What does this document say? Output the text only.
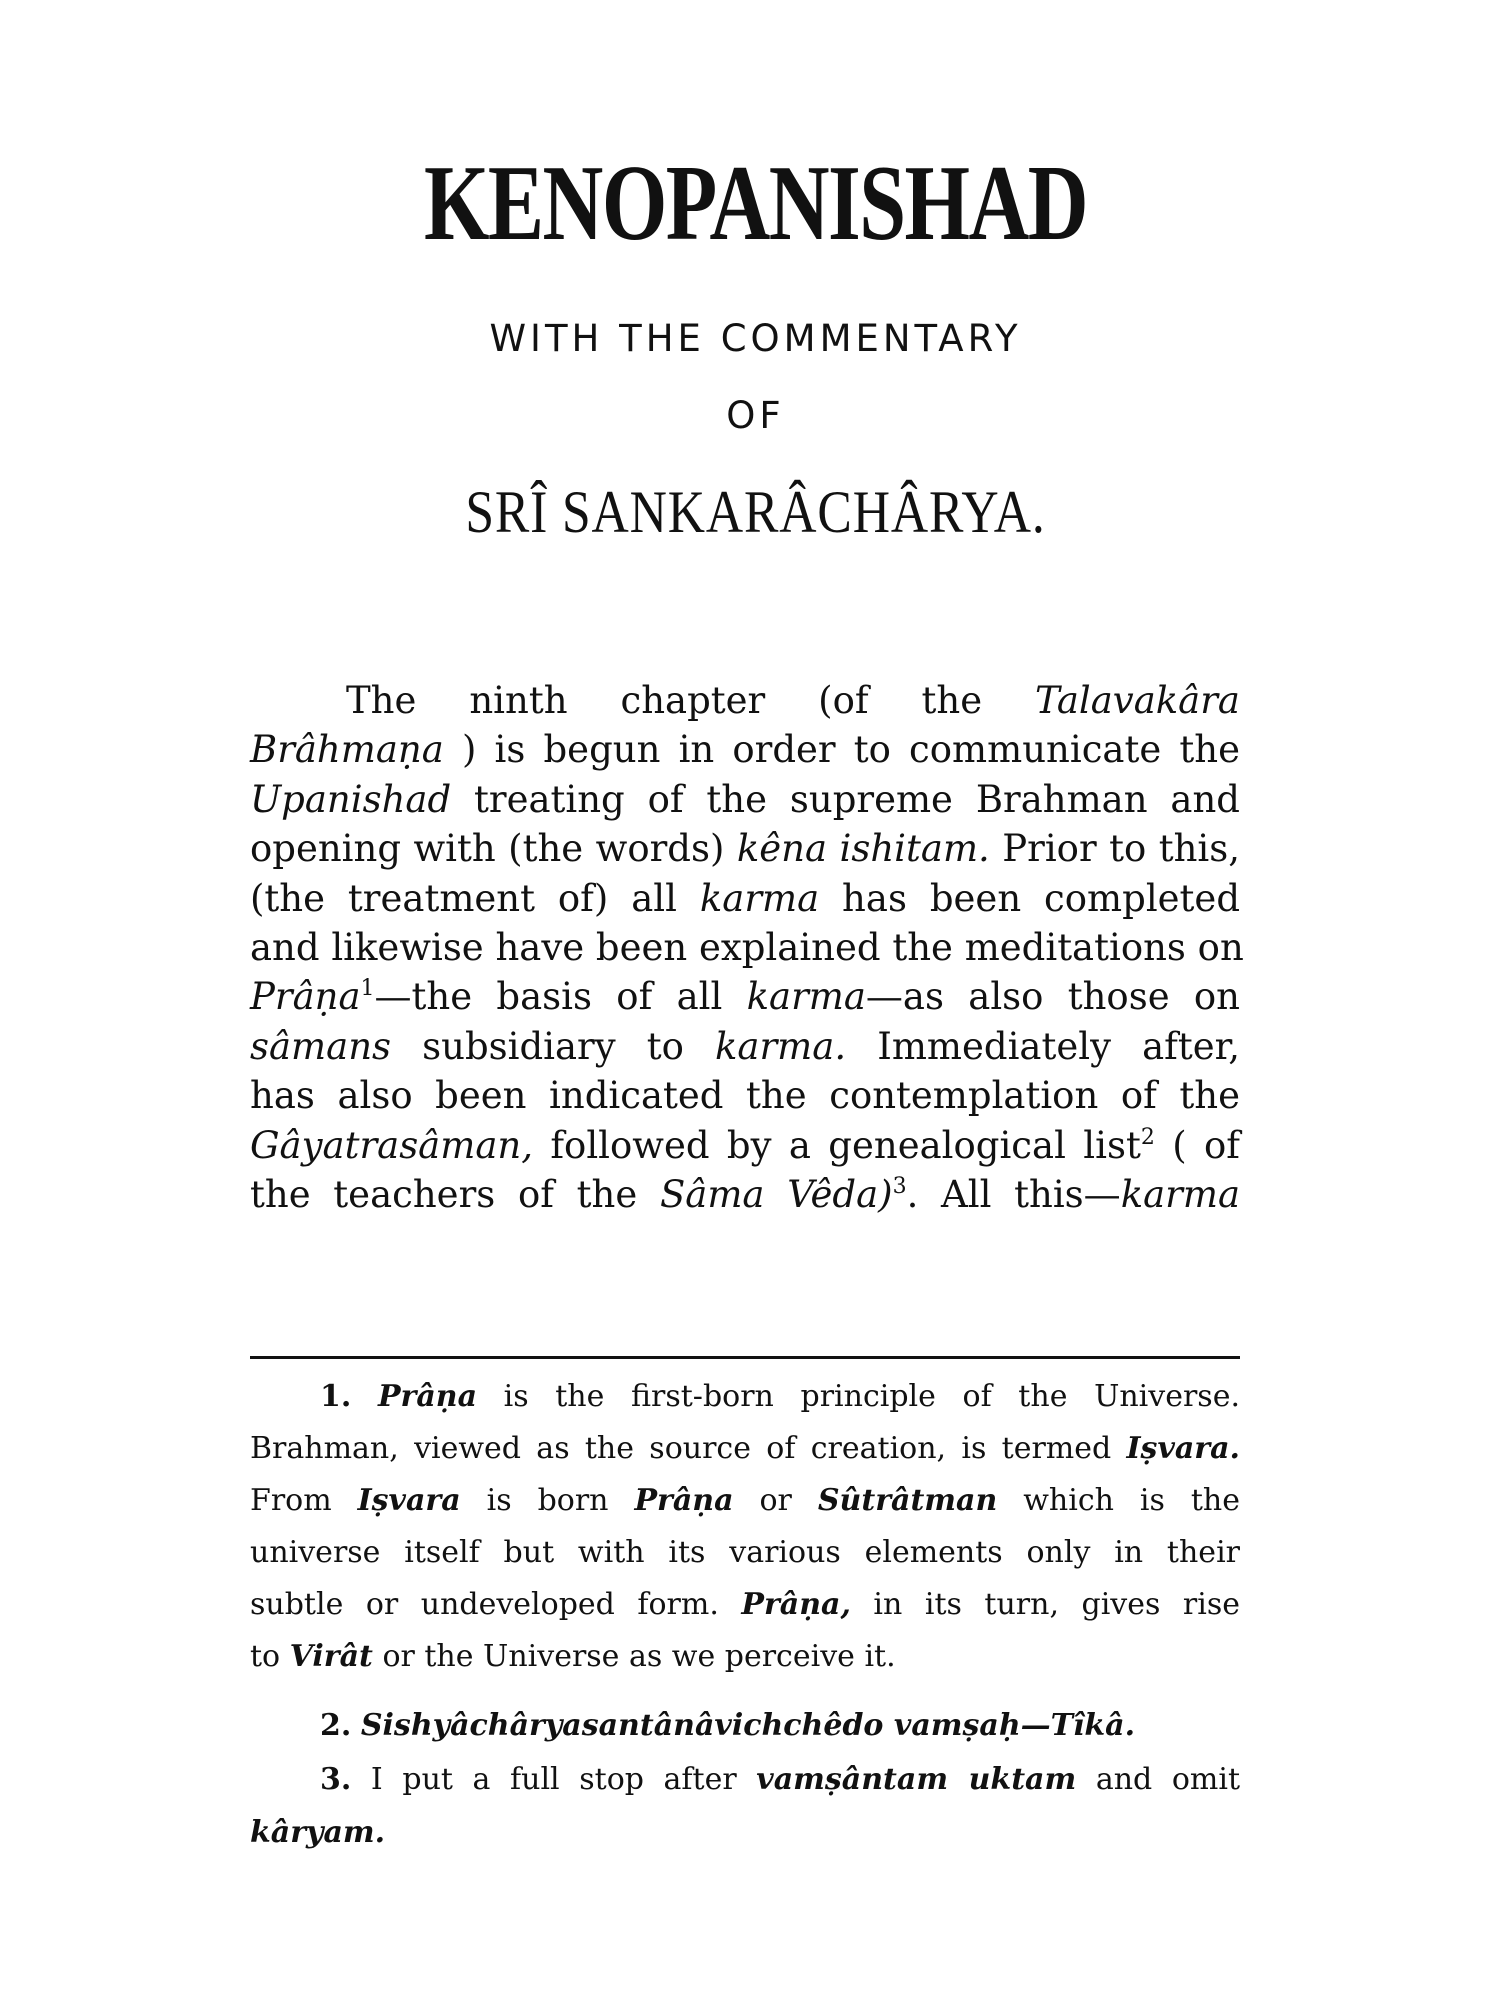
KENOPANISHAD
WITH THE COMMENTARY
OF
SRÎ SANKARÂCHÂRYA.
The ninth chapter (of the Talavakâra
Brâhmaṇa ) is begun in order to communicate the
Upanishad treating of the supreme Brahman and
opening with (the words) kêna ishitam. Prior to this,
(the treatment of) all karma has been completed
and likewise have been explained the meditations on
Prâṇa$^1$—the basis of all karma—as also those on
sâmans subsidiary to karma. Immediately after,
has also been indicated the contemplation of the
Gâyatrasâman, followed by a genealogical list$^2$ ( of
the teachers of the Sâma Vêda)$^3$. All this—karma
1. Prâṇa is the first-born principle of the Universe.
Brahman, viewed as the source of creation, is termed Iṣvara.
From Iṣvara is born Prâṇa or Sûtrâtman which is the
universe itself but with its various elements only in their
subtle or undeveloped form. Prâṇa, in its turn, gives rise
to Virât or the Universe as we perceive it.
2. Sishyâchâryasantânâvichchêdo vamṣaḥ—Tîkâ.
3. I put a full stop after vamṣântam uktam and omit
kâryam.
